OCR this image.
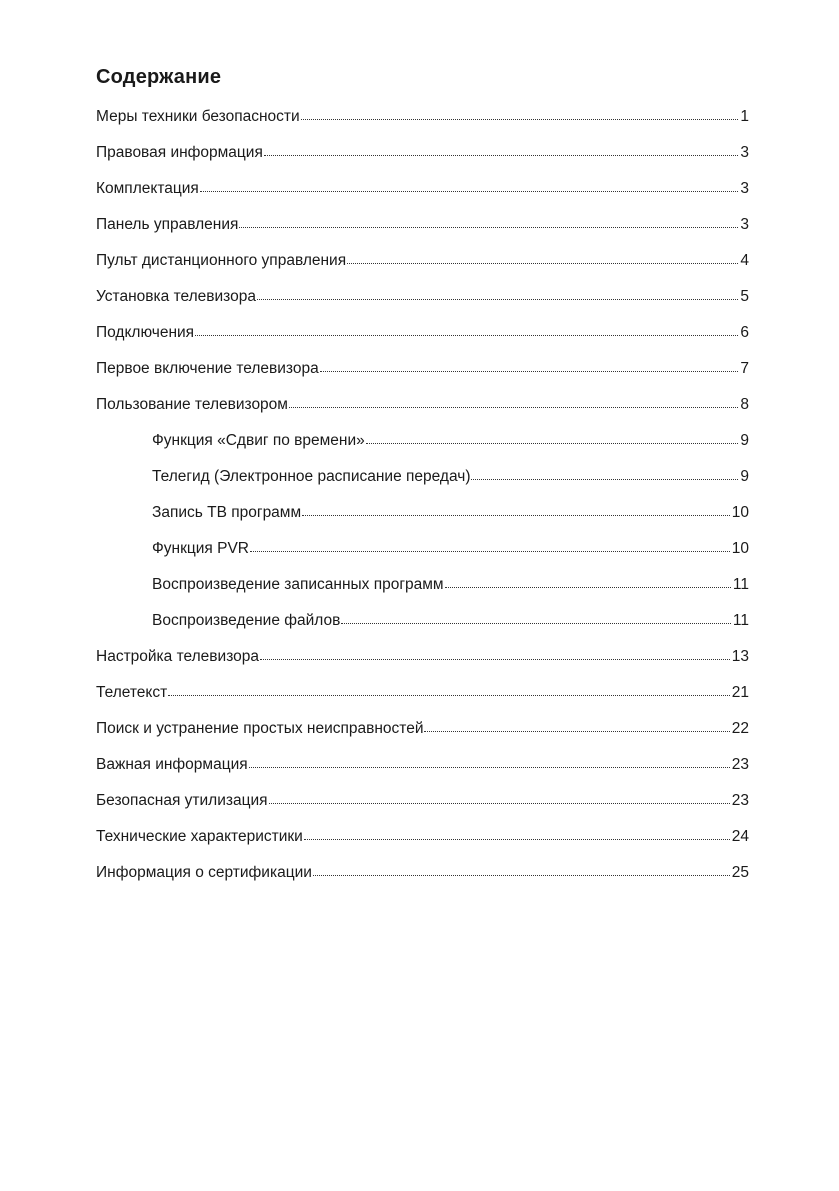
Содержание
Меры техники безопасности	1
Правовая информация	3
Комплектация	3
Панель управления	3
Пульт дистанционного управления	4
Установка телевизора	5
Подключения	6
Первое включение телевизора	7
Пользование телевизором	8
Функция «Сдвиг по времени»	9
Телегид (Электронное расписание передач)	9
Запись ТВ программ	10
Функция PVR	10
Воспроизведение записанных программ	11
Воспроизведение файлов	11
Настройка телевизора	13
Телетекст	21
Поиск и устранение простых неисправностей	22
Важная информация	23
Безопасная утилизация	23
Технические характеристики	24
Информация о сертификации	25
